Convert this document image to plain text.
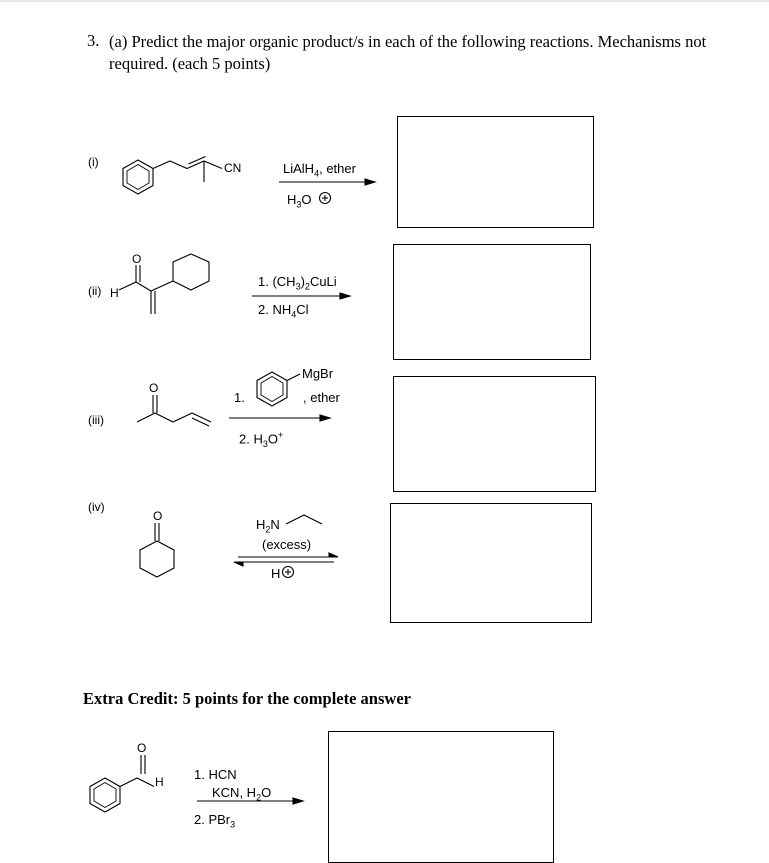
3. (a) Predict the major organic product/s in each of the following reactions. Mechanisms not required. (each 5 points)
(i)	CN	LiAlH$_4$, ether
$H_3O$
(ii) H
O
1. $(CH_3)_2CuLi$
2. $NH_4Cl$
(iii)
O
1.
MgBr
, ether
2. $H_3O^+$
(iv)
O
$H_2N$
(excess)
H
Extra Credit: 5 points for the complete answer
O
H 1. HCN
KCN, $H_2O$
2. PBr$_3$
